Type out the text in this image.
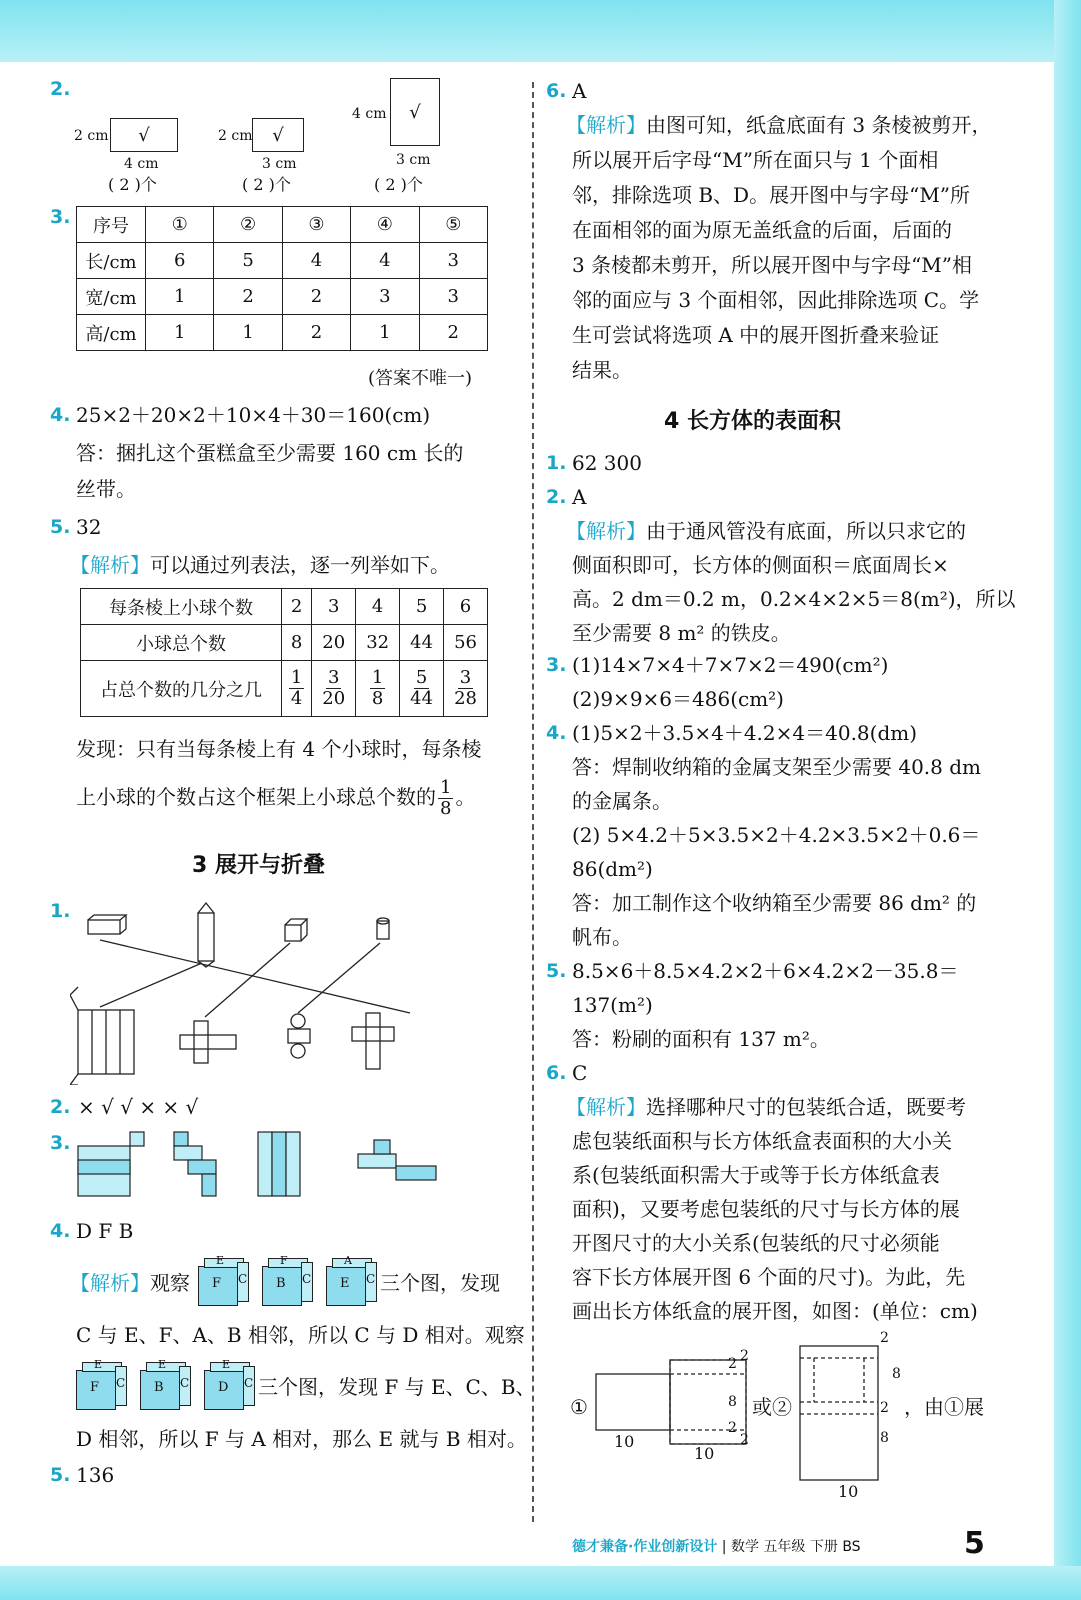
2.
2 cm √
4 cm
( 2 )个
2 cm √
3 cm
( 2 )个
4 cm √
3 cm
( 2 )个
3. 序号	①	②	③	④	⑤
长/cm	6	5	4	4	3
宽/cm	1	2	2	3	3
高/cm	1	1	2	1	2
(答案不唯一)
4. 25×2＋20×2＋10×4＋30＝160(cm)
答：捆扎这个蛋糕盒至少需要 160 cm 长的
丝带。
5. 32
【解析】可以通过列表法，逐一列举如下。
每条棱上小球个数	2	3	4	5	6
小球总个数	8	20	32	44	56
占总个数的几分之几	$\frac{1}{4}$	$\frac{3}{20}$	$\frac{1}{8}$	$\frac{5}{44}$	$\frac{3}{28}$
发现：只有当每条棱上有 4 个小球时，每条棱
上小球的个数占这个框架上小球总个数的 $\frac{1}{8}$ 。
3 展开与折叠
1.
2. × √ √ × × √
3.
4. D F B
【解析】观察
E
F C
F
B C
A
E C 三个图，发现
C 与 E、F、A、B 相邻，所以 C 与 D 相对。观察
E
F C
E
B C
E
D C 三个图，发现 F 与 E、C、B、
D 相邻，所以 F 与 A 相对，那么 E 就与 B 相对。
5. 136
6. A
【解析】由图可知，纸盒底面有 3 条棱被剪开，
所以展开后字母“M”所在面只与 1 个面相
邻，排除选项 B、D。展开图中与字母“M”所
在面相邻的面为原无盖纸盒的后面，后面的
3 条棱都未剪开，所以展开图中与字母“M”相
邻的面应与 3 个面相邻，因此排除选项 C。学
生可尝试将选项 A 中的展开图折叠来验证
结果。
4 长方体的表面积
1. 62 300
2. A
【解析】由于通风管没有底面，所以只求它的
侧面积即可，长方体的侧面积＝底面周长×
高。2 dm＝0.2 m，0.2×4×2×5＝8(m²)，所以
至少需要 8 m² 的铁皮。
3. (1)14×7×4＋7×7×2＝490(cm²)
(2)9×9×6＝486(cm²)
4. (1)5×2＋3.5×4＋4.2×4＝40.8(dm)
答：焊制收纳箱的金属支架至少需要 40.8 dm
的金属条。
(2) 5×4.2＋5×3.5×2＋4.2×3.5×2＋0.6＝
86(dm²)
答：加工制作这个收纳箱至少需要 86 dm² 的
帆布。
5. 8.5×6＋8.5×4.2×2＋6×4.2×2－35.8＝
137(m²)
答：粉刷的面积有 137 m²。
6. C
【解析】选择哪种尺寸的包装纸合适，既要考
虑包装纸面积与长方体纸盒表面积的大小关
系(包装纸面积需大于或等于长方体纸盒表
面积)，又要考虑包装纸的尺寸与长方体的展
开图尺寸的大小关系(包装纸的尺寸必须能
容下长方体展开图 6 个面的尺寸)。为此，先
画出长方体纸盒的展开图，如图：(单位：cm)
①	或②	，由①展
10
10
10
2 2
8
2
2
2
8
2
8
德才兼备·作业创新设计 | 数学 五年级 下册 BS	5
